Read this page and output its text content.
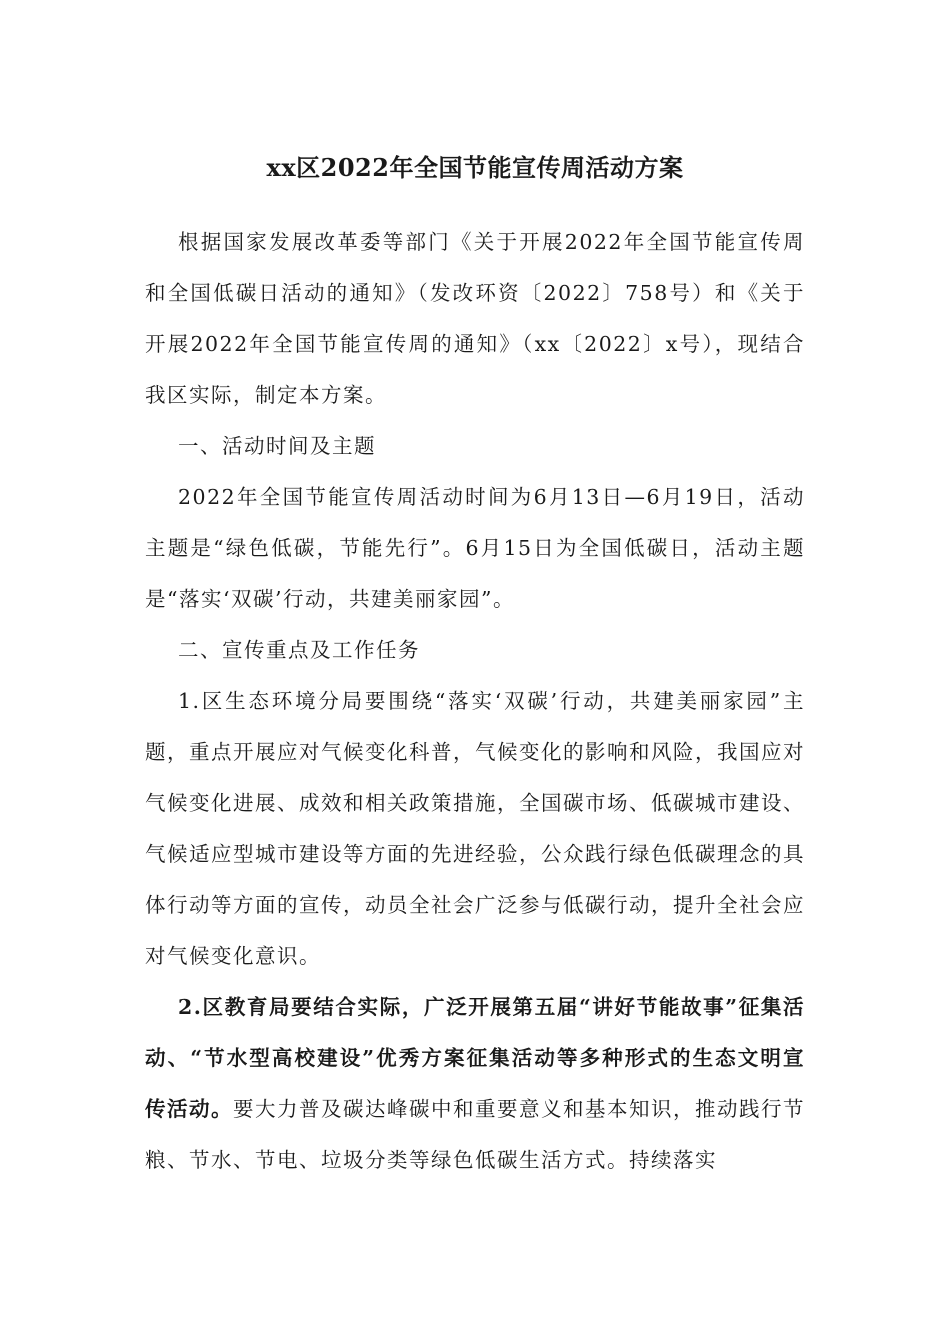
xx区2022年全国节能宣传周活动方案

根据国家发展改革委等部门《关于开展2022年全国节能宣传周和全国低碳日活动的通知》（发改环资〔2022〕758号）和《关于开展2022年全国节能宣传周的通知》（xx〔2022〕x号），现结合我区实际，制定本方案。

一、活动时间及主题

2022年全国节能宣传周活动时间为6月13日—6月19日，活动主题是“绿色低碳，节能先行”。6月15日为全国低碳日，活动主题是“落实‘双碳’行动，共建美丽家园”。

二、宣传重点及工作任务

1.区生态环境分局要围绕“落实‘双碳’行动，共建美丽家园”主题，重点开展应对气候变化科普，气候变化的影响和风险，我国应对气候变化进展、成效和相关政策措施，全国碳市场、低碳城市建设、气候适应型城市建设等方面的先进经验，公众践行绿色低碳理念的具体行动等方面的宣传，动员全社会广泛参与低碳行动，提升全社会应对气候变化意识。

2.区教育局要结合实际，广泛开展第五届“讲好节能故事”征集活动、“节水型高校建设”优秀方案征集活动等多种形式的生态文明宣传活动。要大力普及碳达峰碳中和重要意义和基本知识，推动践行节粮、节水、节电、垃圾分类等绿色低碳生活方式。持续落实
